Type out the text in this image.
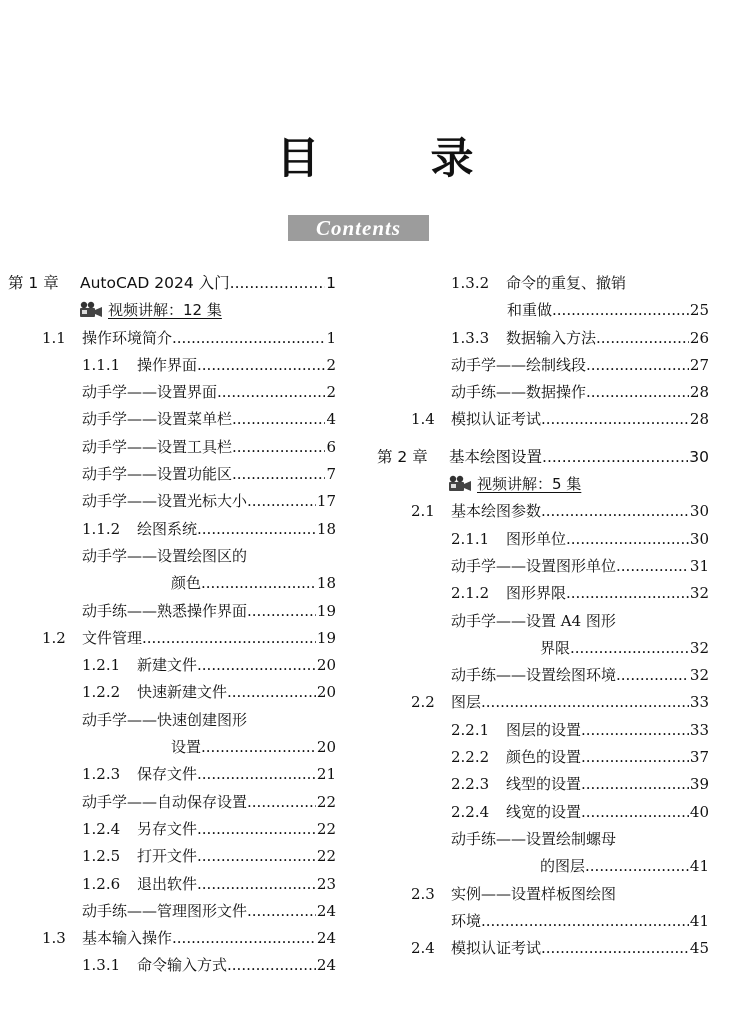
目 录
Contents
第 1 章 AutoCAD 2024 入门 .....	1
视频讲解：12 集
1.1 操作环境简介 .....	1
1.1.1 操作界面 .....	2
动手学——设置界面 .....	2
动手学——设置菜单栏 .....	4
动手学——设置工具栏 .....	6
动手学——设置功能区 .....	7
动手学——设置光标大小 .....	17
1.1.2 绘图系统 .....	18
动手学——设置绘图区的
颜色 .....	18
动手练——熟悉操作界面 .....	19
1.2 文件管理 .....	19
1.2.1 新建文件 .....	20
1.2.2 快速新建文件 .....	20
动手学——快速创建图形
设置 .....	20
1.2.3 保存文件 .....	21
动手学——自动保存设置 .....	22
1.2.4 另存文件 .....	22
1.2.5 打开文件 .....	22
1.2.6 退出软件 .....	23
动手练——管理图形文件 .....	24
1.3 基本输入操作 .....	24
1.3.1 命令输入方式 .....	24
1.3.2 命令的重复、撤销
和重做 .....	25
1.3.3 数据输入方法 .....	26
动手学——绘制线段 .....	27
动手练——数据操作 .....	28
1.4 模拟认证考试 .....	28
第 2 章 基本绘图设置 .....	30
视频讲解：5 集
2.1 基本绘图参数 .....	30
2.1.1 图形单位 .....	30
动手学——设置图形单位 .....	31
2.1.2 图形界限 .....	32
动手学——设置 A4 图形
界限 .....	32
动手练——设置绘图环境 .....	32
2.2 图层 .....	33
2.2.1 图层的设置 .....	33
2.2.2 颜色的设置 .....	37
2.2.3 线型的设置 .....	39
2.2.4 线宽的设置 .....	40
动手练——设置绘制螺母
的图层 .....	41
2.3 实例——设置样板图绘图
环境 .....	41
2.4 模拟认证考试 .....	45
